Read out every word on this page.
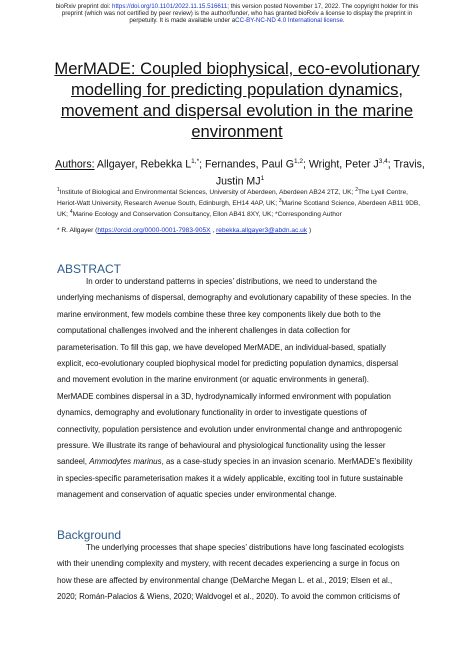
bioRxiv preprint doi: https://doi.org/10.1101/2022.11.15.516611; this version posted November 17, 2022. The copyright holder for this
preprint (which was not certified by peer review) is the author/funder, who has granted bioRxiv a license to display the preprint in
perpetuity. It is made available under aCC-BY-NC-ND 4.0 International license.
MerMADE: Coupled biophysical, eco-evolutionary
modelling for predicting population dynamics,
movement and dispersal evolution in the marine
environment
Authors: Allgayer, Rebekka $L^{1,*}$; Fernandes, Paul G$^{1,2}$; Wright, Peter J$^{3,4}$; Travis,
Justin $MJ^1$
$^1$Institute of Biological and Environmental Sciences, University of Aberdeen, Aberdeen AB24 2TZ, UK; $^2$The Lyell Centre,
Heriot-Watt University, Research Avenue South, Edinburgh, EH14 4AP, UK; $^3$Marine Scotland Science, Aberdeen AB11 9DB,
UK; $^4$Marine Ecology and Conservation Consultancy, Ellon AB41 8XY, UK; *Corresponding Author
* R. Allgayer (https://orcid.org/0000-0001-7983-905X , rebekka.allgayer3@abdn.ac.uk )
ABSTRACT
In order to understand patterns in species’ distributions, we need to understand the
underlying mechanisms of dispersal, demography and evolutionary capability of these species. In the
marine environment, few models combine these three key components likely due both to the
computational challenges involved and the inherent challenges in data collection for
parameterisation. To fill this gap, we have developed MerMADE, an individual-based, spatially
explicit, eco-evolutionary coupled biophysical model for predicting population dynamics, dispersal
and movement evolution in the marine environment (or aquatic environments in general).
MerMADE combines dispersal in a 3D, hydrodynamically informed environment with population
dynamics, demography and evolutionary functionality in order to investigate questions of
connectivity, population persistence and evolution under environmental change and anthropogenic
pressure. We illustrate its range of behavioural and physiological functionality using the lesser
sandeel, Ammodytes marinus, as a case-study species in an invasion scenario. MerMADE’s flexibility
in species-specific parameterisation makes it a widely applicable, exciting tool in future sustainable
management and conservation of aquatic species under environmental change.
Background
The underlying processes that shape species’ distributions have long fascinated ecologists
with their unending complexity and mystery, with recent decades experiencing a surge in focus on
how these are affected by environmental change (DeMarche Megan L. et al., 2019; Elsen et al.,
2020; Román-Palacios & Wiens, 2020; Waldvogel et al., 2020). To avoid the common criticisms of
